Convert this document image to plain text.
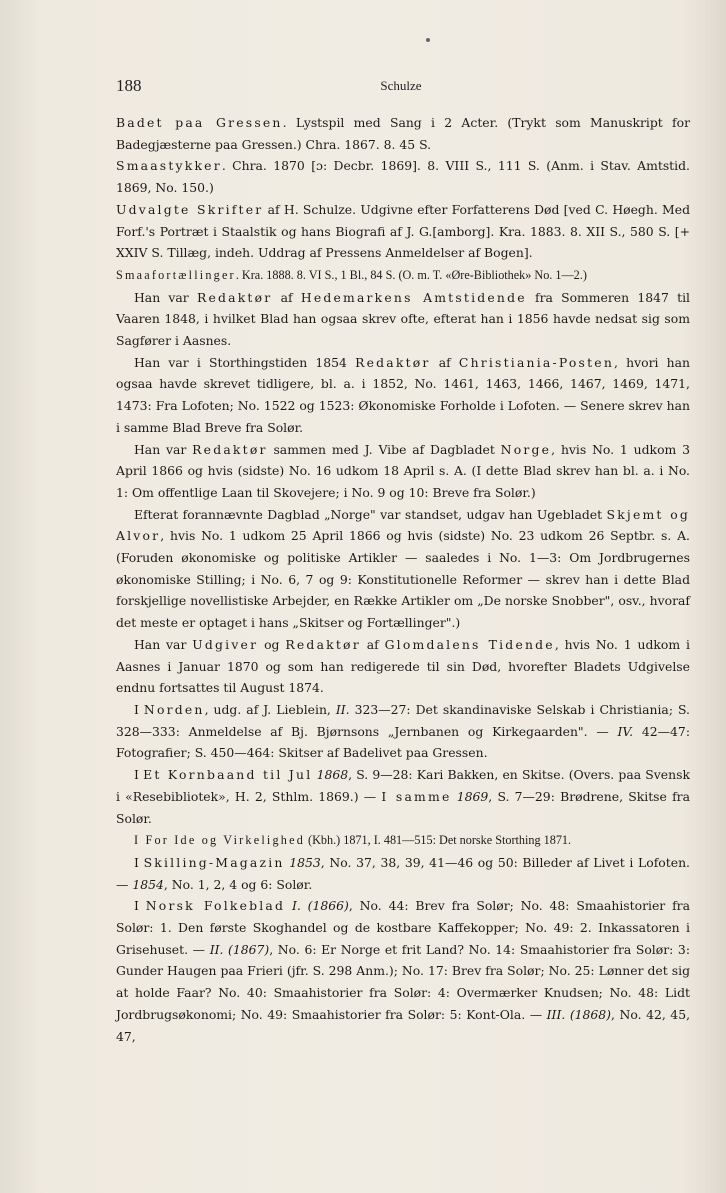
188	Schulze

Badet paa Gressen. Lystspil med Sang i 2 Acter. (Trykt som Manuskript for Badegjæsterne paa Gressen.) Chra. 1867. 8. 45 S.

Smaastykker. Chra. 1870 [ɔ: Decbr. 1869]. 8. VIII S., 111 S. (Anm. i Stav. Amtstid. 1869, No. 150.)

Udvalgte Skrifter af H. Schulze. Udgivne efter Forfatterens Død [ved C. Høegh. Med Forf.'s Portræt i Staalstik og hans Biografi af J. G.[amborg]. Kra. 1883. 8. XII S., 580 S. [+ XXIV S. Tillæg, indeh. Uddrag af Pressens Anmeldelser af Bogen].

Smaafortællinger. Kra. 1888. 8. VI S., 1 Bl., 84 S. (O. m. T. «Øre-Bibliothek» No. 1—2.)

Han var Redaktør af Hedemarkens Amtstidende fra Sommeren 1847 til Vaaren 1848, i hvilket Blad han ogsaa skrev ofte, efterat han i 1856 havde nedsat sig som Sagfører i Aasnes.

Han var i Storthingstiden 1854 Redaktør af Christiania-Posten, hvori han ogsaa havde skrevet tidligere, bl. a. i 1852, No. 1461, 1463, 1466, 1467, 1469, 1471, 1473: Fra Lofoten; No. 1522 og 1523: Økonomiske Forholde i Lofoten. — Senere skrev han i samme Blad Breve fra Solør.

Han var Redaktør sammen med J. Vibe af Dagbladet Norge, hvis No. 1 udkom 3 April 1866 og hvis (sidste) No. 16 udkom 18 April s. A. (I dette Blad skrev han bl. a. i No. 1: Om offentlige Laan til Skovejere; i No. 9 og 10: Breve fra Solør.)

Efterat forannævnte Dagblad „Norge" var standset, udgav han Ugebladet Skjemt og Alvor, hvis No. 1 udkom 25 April 1866 og hvis (sidste) No. 23 udkom 26 Septbr. s. A. (Foruden økonomiske og politiske Artikler — saaledes i No. 1—3: Om Jordbrugernes økonomiske Stilling; i No. 6, 7 og 9: Konstitutionelle Reformer — skrev han i dette Blad forskjellige novellistiske Arbejder, en Række Artikler om „De norske Snobber", osv., hvoraf det meste er optaget i hans „Skitser og Fortællinger".)

Han var Udgiver og Redaktør af Glomdalens Tidende, hvis No. 1 udkom i Aasnes i Januar 1870 og som han redigerede til sin Død, hvorefter Bladets Udgivelse endnu fortsattes til August 1874.

I Norden, udg. af J. Lieblein, II. 323—27: Det skandinaviske Selskab i Christiania; S. 328—333: Anmeldelse af Bj. Bjørnsons „Jernbanen og Kirkegaarden". — IV. 42—47: Fotografier; S. 450—464: Skitser af Badelivet paa Gressen.

I Et Kornbaand til Jul 1868, S. 9—28: Kari Bakken, en Skitse. (Overs. paa Svensk i «Resebibliotek», H. 2, Sthlm. 1869.) — I samme 1869, S. 7—29: Brødrene, Skitse fra Solør.

I For Ide og Virkelighed (Kbh.) 1871, I. 481—515: Det norske Storthing 1871.

I Skilling-Magazin 1853, No. 37, 38, 39, 41—46 og 50: Billeder af Livet i Lofoten. — 1854, No. 1, 2, 4 og 6: Solør.

I Norsk Folkeblad I. (1866), No. 44: Brev fra Solør; No. 48: Smaahistorier fra Solør: 1. Den første Skoghandel og de kostbare Kaffekopper; No. 49: 2. Inkassatoren i Grisehuset. — II. (1867), No. 6: Er Norge et frit Land? No. 14: Smaahistorier fra Solør: 3: Gunder Haugen paa Frieri (jfr. S. 298 Anm.); No. 17: Brev fra Solør; No. 25: Lønner det sig at holde Faar? No. 40: Smaahistorier fra Solør: 4: Overmærker Knudsen; No. 48: Lidt Jordbrugsøkonomi; No. 49: Smaahistorier fra Solør: 5: Kont-Ola. — III. (1868), No. 42, 45, 47,
